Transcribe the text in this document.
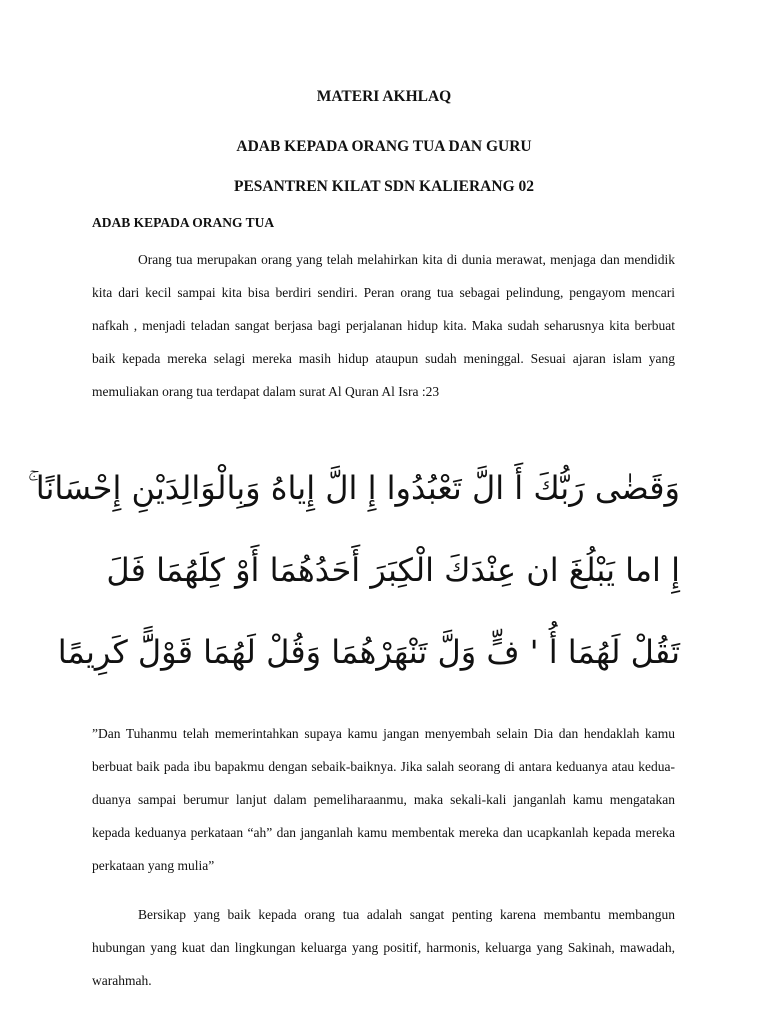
MATERI AKHLAQ
ADAB KEPADA ORANG TUA DAN GURU
PESANTREN KILAT SDN KALIERANG 02
ADAB KEPADA ORANG TUA

Orang tua merupakan orang yang telah melahirkan kita di dunia merawat, menjaga dan mendidik kita dari kecil sampai kita bisa berdiri sendiri. Peran orang tua sebagai pelindung, pengayom mencari nafkah , menjadi teladan sangat berjasa bagi perjalanan hidup kita. Maka sudah seharusnya kita berbuat baik kepada mereka selagi mereka masih hidup ataupun sudah meninggal. Sesuai ajaran islam yang memuliakan orang tua terdapat dalam surat Al Quran Al Isra :23

وَقَضٰى رَبُّكَ أَ الَّ تَعْبُدُوا إِ الَّ إِياهُ وَبِالْوَالِدَيْنِ إِحْسَانًا ۚ

إِ اما يَبْلُغَ ان عِنْدَكَ الْكِبَرَ أَحَدُهُمَا أَوْ كِلَهُمَا فَلَ

تَقُلْ لَهُمَا أُ ' فٍّ وَلَّ تَنْهَرْهُمَا وَقُلْ لَهُمَا قَوْلًَّ كَرِيمًا

”Dan Tuhanmu telah memerintahkan supaya kamu jangan menyembah selain Dia dan hendaklah kamu berbuat baik pada ibu bapakmu dengan sebaik-baiknya. Jika salah seorang di antara keduanya atau kedua-duanya sampai berumur lanjut dalam pemeliharaanmu, maka sekali-kali janganlah kamu mengatakan kepada keduanya perkataan “ah” dan janganlah kamu membentak mereka dan ucapkanlah kepada mereka perkataan yang mulia”

Bersikap yang baik kepada orang tua adalah sangat penting karena membantu membangun hubungan yang kuat dan lingkungan keluarga yang positif, harmonis, keluarga yang Sakinah, mawadah, warahmah.
